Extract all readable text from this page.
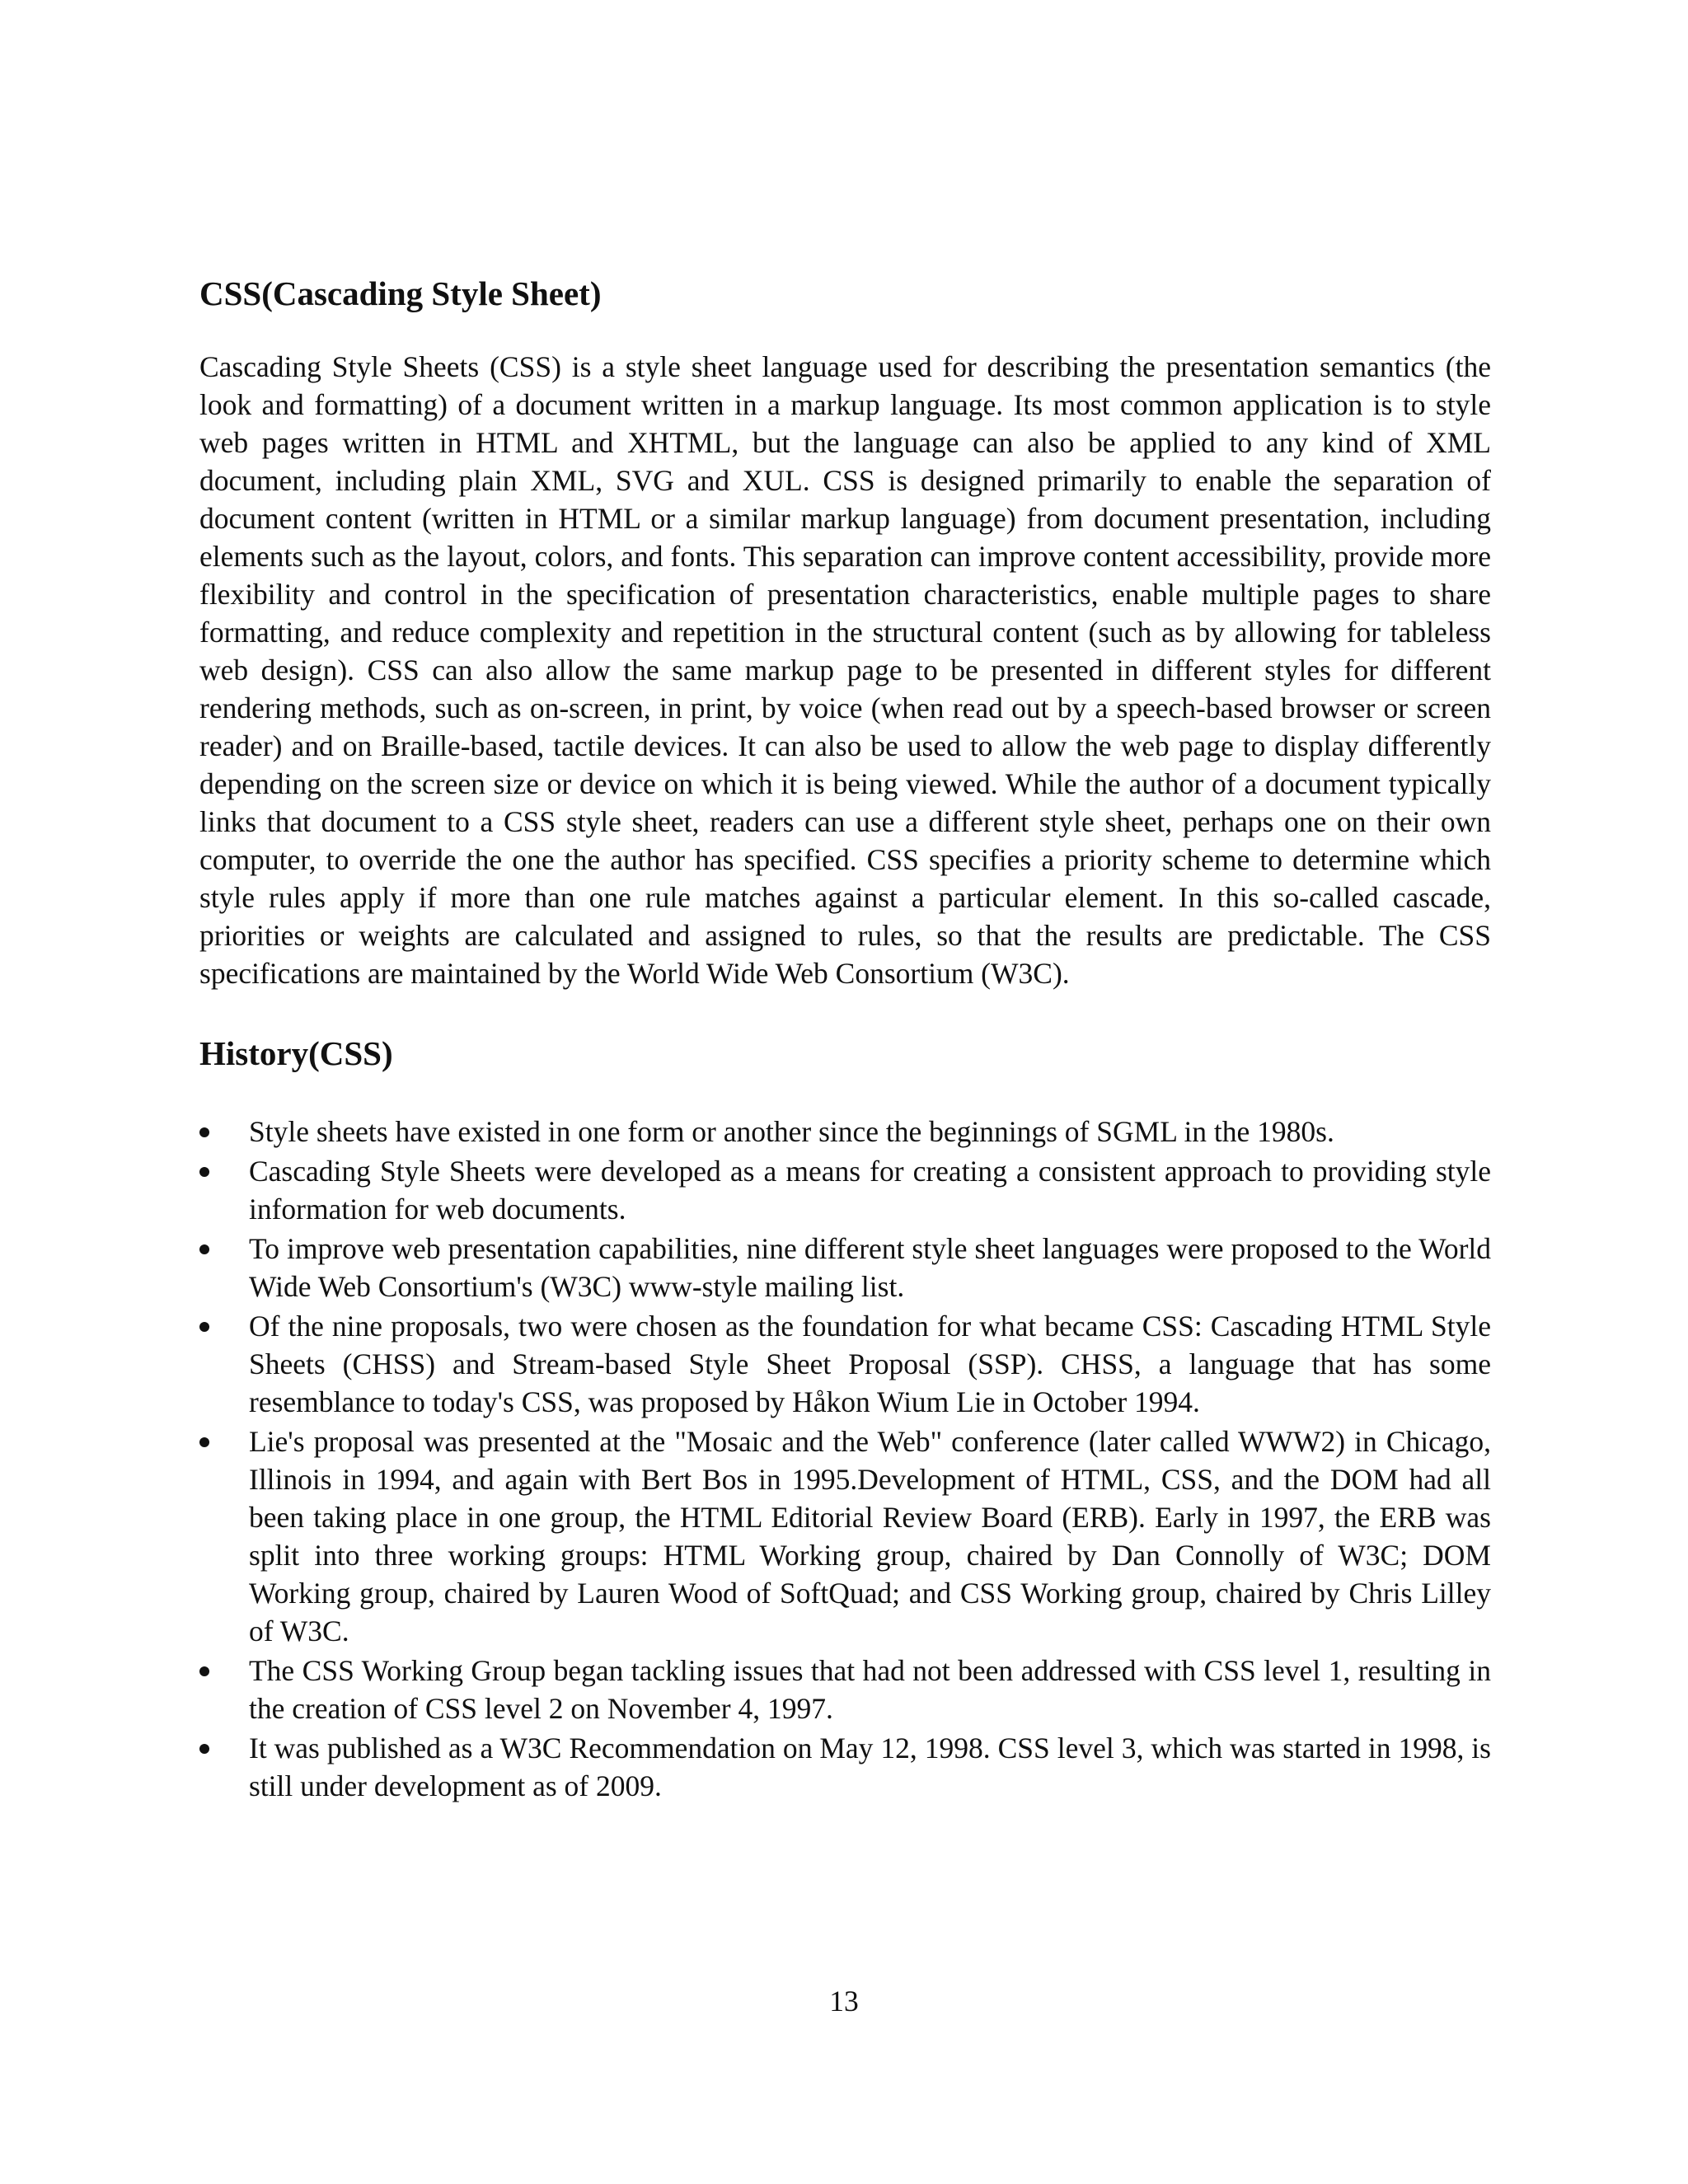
CSS(Cascading Style Sheet)

Cascading Style Sheets (CSS) is a style sheet language used for describing the presentation semantics (the look and formatting) of a document written in a markup language. Its most common application is to style web pages written in HTML and XHTML, but the language can also be applied to any kind of XML document, including plain XML, SVG and XUL. CSS is designed primarily to enable the separation of document content (written in HTML or a similar markup language) from document presentation, including elements such as the layout, colors, and fonts. This separation can improve content accessibility, provide more flexibility and control in the specification of presentation characteristics, enable multiple pages to share formatting, and reduce complexity and repetition in the structural content (such as by allowing for tableless web design). CSS can also allow the same markup page to be presented in different styles for different rendering methods, such as on-screen, in print, by voice (when read out by a speech-based browser or screen reader) and on Braille-based, tactile devices. It can also be used to allow the web page to display differently depending on the screen size or device on which it is being viewed. While the author of a document typically links that document to a CSS style sheet, readers can use a different style sheet, perhaps one on their own computer, to override the one the author has specified. CSS specifies a priority scheme to determine which style rules apply if more than one rule matches against a particular element. In this so-called cascade, priorities or weights are calculated and assigned to rules, so that the results are predictable. The CSS specifications are maintained by the World Wide Web Consortium (W3C).

History(CSS)
Style sheets have existed in one form or another since the beginnings of SGML in the 1980s.
Cascading Style Sheets were developed as a means for creating a consistent approach to providing style information for web documents.
To improve web presentation capabilities, nine different style sheet languages were proposed to the World Wide Web Consortium's (W3C) www-style mailing list.
Of the nine proposals, two were chosen as the foundation for what became CSS: Cascading HTML Style Sheets (CHSS) and Stream-based Style Sheet Proposal (SSP). CHSS, a language that has some resemblance to today's CSS, was proposed by Håkon Wium Lie in October 1994.
Lie's proposal was presented at the "Mosaic and the Web" conference (later called WWW2) in Chicago, Illinois in 1994, and again with Bert Bos in 1995.Development of HTML, CSS, and the DOM had all been taking place in one group, the HTML Editorial Review Board (ERB). Early in 1997, the ERB was split into three working groups: HTML Working group, chaired by Dan Connolly of W3C; DOM Working group, chaired by Lauren Wood of SoftQuad; and CSS Working group, chaired by Chris Lilley of W3C.
The CSS Working Group began tackling issues that had not been addressed with CSS level 1, resulting in the creation of CSS level 2 on November 4, 1997.
It was published as a W3C Recommendation on May 12, 1998. CSS level 3, which was started in 1998, is still under development as of 2009.
13
